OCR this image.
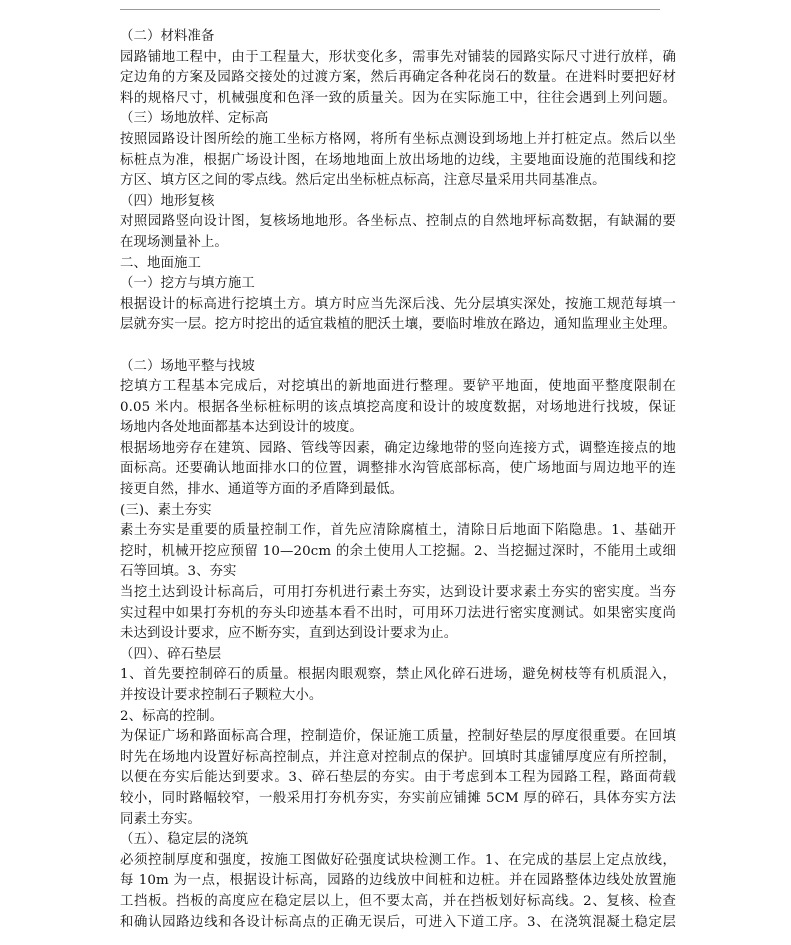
（二）材料准备
园路铺地工程中，由于工程量大，形状变化多，需事先对铺装的园路实际尺寸进行放样，确
定边角的方案及园路交接处的过渡方案，然后再确定各种花岗石的数量。在进料时要把好材
料的规格尺寸，机械强度和色泽一致的质量关。因为在实际施工中，往往会遇到上列问题。
（三）场地放样、定标高
按照园路设计图所绘的施工坐标方格网，将所有坐标点测设到场地上并打桩定点。然后以坐
标桩点为准，根据广场设计图，在场地地面上放出场地的边线，主要地面设施的范围线和挖
方区、填方区之间的零点线。然后定出坐标桩点标高，注意尽量采用共同基准点。
（四）地形复核
对照园路竖向设计图，复核场地地形。各坐标点、控制点的自然地坪标高数据，有缺漏的要
在现场测量补上。
二、地面施工
（一）挖方与填方施工
根据设计的标高进行挖填土方。填方时应当先深后浅、先分层填实深处，按施工规范每填一
层就夯实一层。挖方时挖出的适宜栽植的肥沃土壤，要临时堆放在路边，通知监理业主处理。
（二）场地平整与找坡
挖填方工程基本完成后，对挖填出的新地面进行整理。要铲平地面，使地面平整度限制在
0.05 米内。根据各坐标桩标明的该点填挖高度和设计的坡度数据，对场地进行找坡，保证
场地内各处地面都基本达到设计的坡度。
根据场地旁存在建筑、园路、管线等因素，确定边缘地带的竖向连接方式，调整连接点的地
面标高。还要确认地面排水口的位置，调整排水沟管底部标高，使广场地面与周边地平的连
接更自然，排水、通道等方面的矛盾降到最低。
(三)、素土夯实
素土夯实是重要的质量控制工作，首先应清除腐植土，清除日后地面下陷隐患。1、基础开
挖时，机械开挖应预留 10—20cm 的余土使用人工挖掘。2、当挖掘过深时，不能用土或细
石等回填。3、夯实
当挖土达到设计标高后，可用打夯机进行素土夯实，达到设计要求素土夯实的密实度。当夯
实过程中如果打夯机的夯头印迹基本看不出时，可用环刀法进行密实度测试。如果密实度尚
未达到设计要求，应不断夯实，直到达到设计要求为止。
（四）、碎石垫层
1、首先要控制碎石的质量。根据肉眼观察，禁止风化碎石进场，避免树枝等有机质混入，
并按设计要求控制石子颗粒大小。
2、标高的控制。
为保证广场和路面标高合理，控制造价，保证施工质量，控制好垫层的厚度很重要。在回填
时先在场地内设置好标高控制点，并注意对控制点的保护。回填时其虚铺厚度应有所控制，
以便在夯实后能达到要求。3、碎石垫层的夯实。由于考虑到本工程为园路工程，路面荷载
较小，同时路幅较窄，一般采用打夯机夯实，夯实前应铺摊 5CM 厚的碎石，具体夯实方法
同素土夯实。
（五）、稳定层的浇筑
必须控制厚度和强度，按施工图做好砼强度试块检测工作。1、在完成的基层上定点放线，
每 10m 为一点，根据设计标高，园路的边线放中间桩和边桩。并在园路整体边线处放置施
工挡板。挡板的高度应在稳定层以上，但不要太高，并在挡板划好标高线。2、复核、检查
和确认园路边线和各设计标高点的正确无误后，可进入下道工序。3、在浇筑混凝土稳定层
